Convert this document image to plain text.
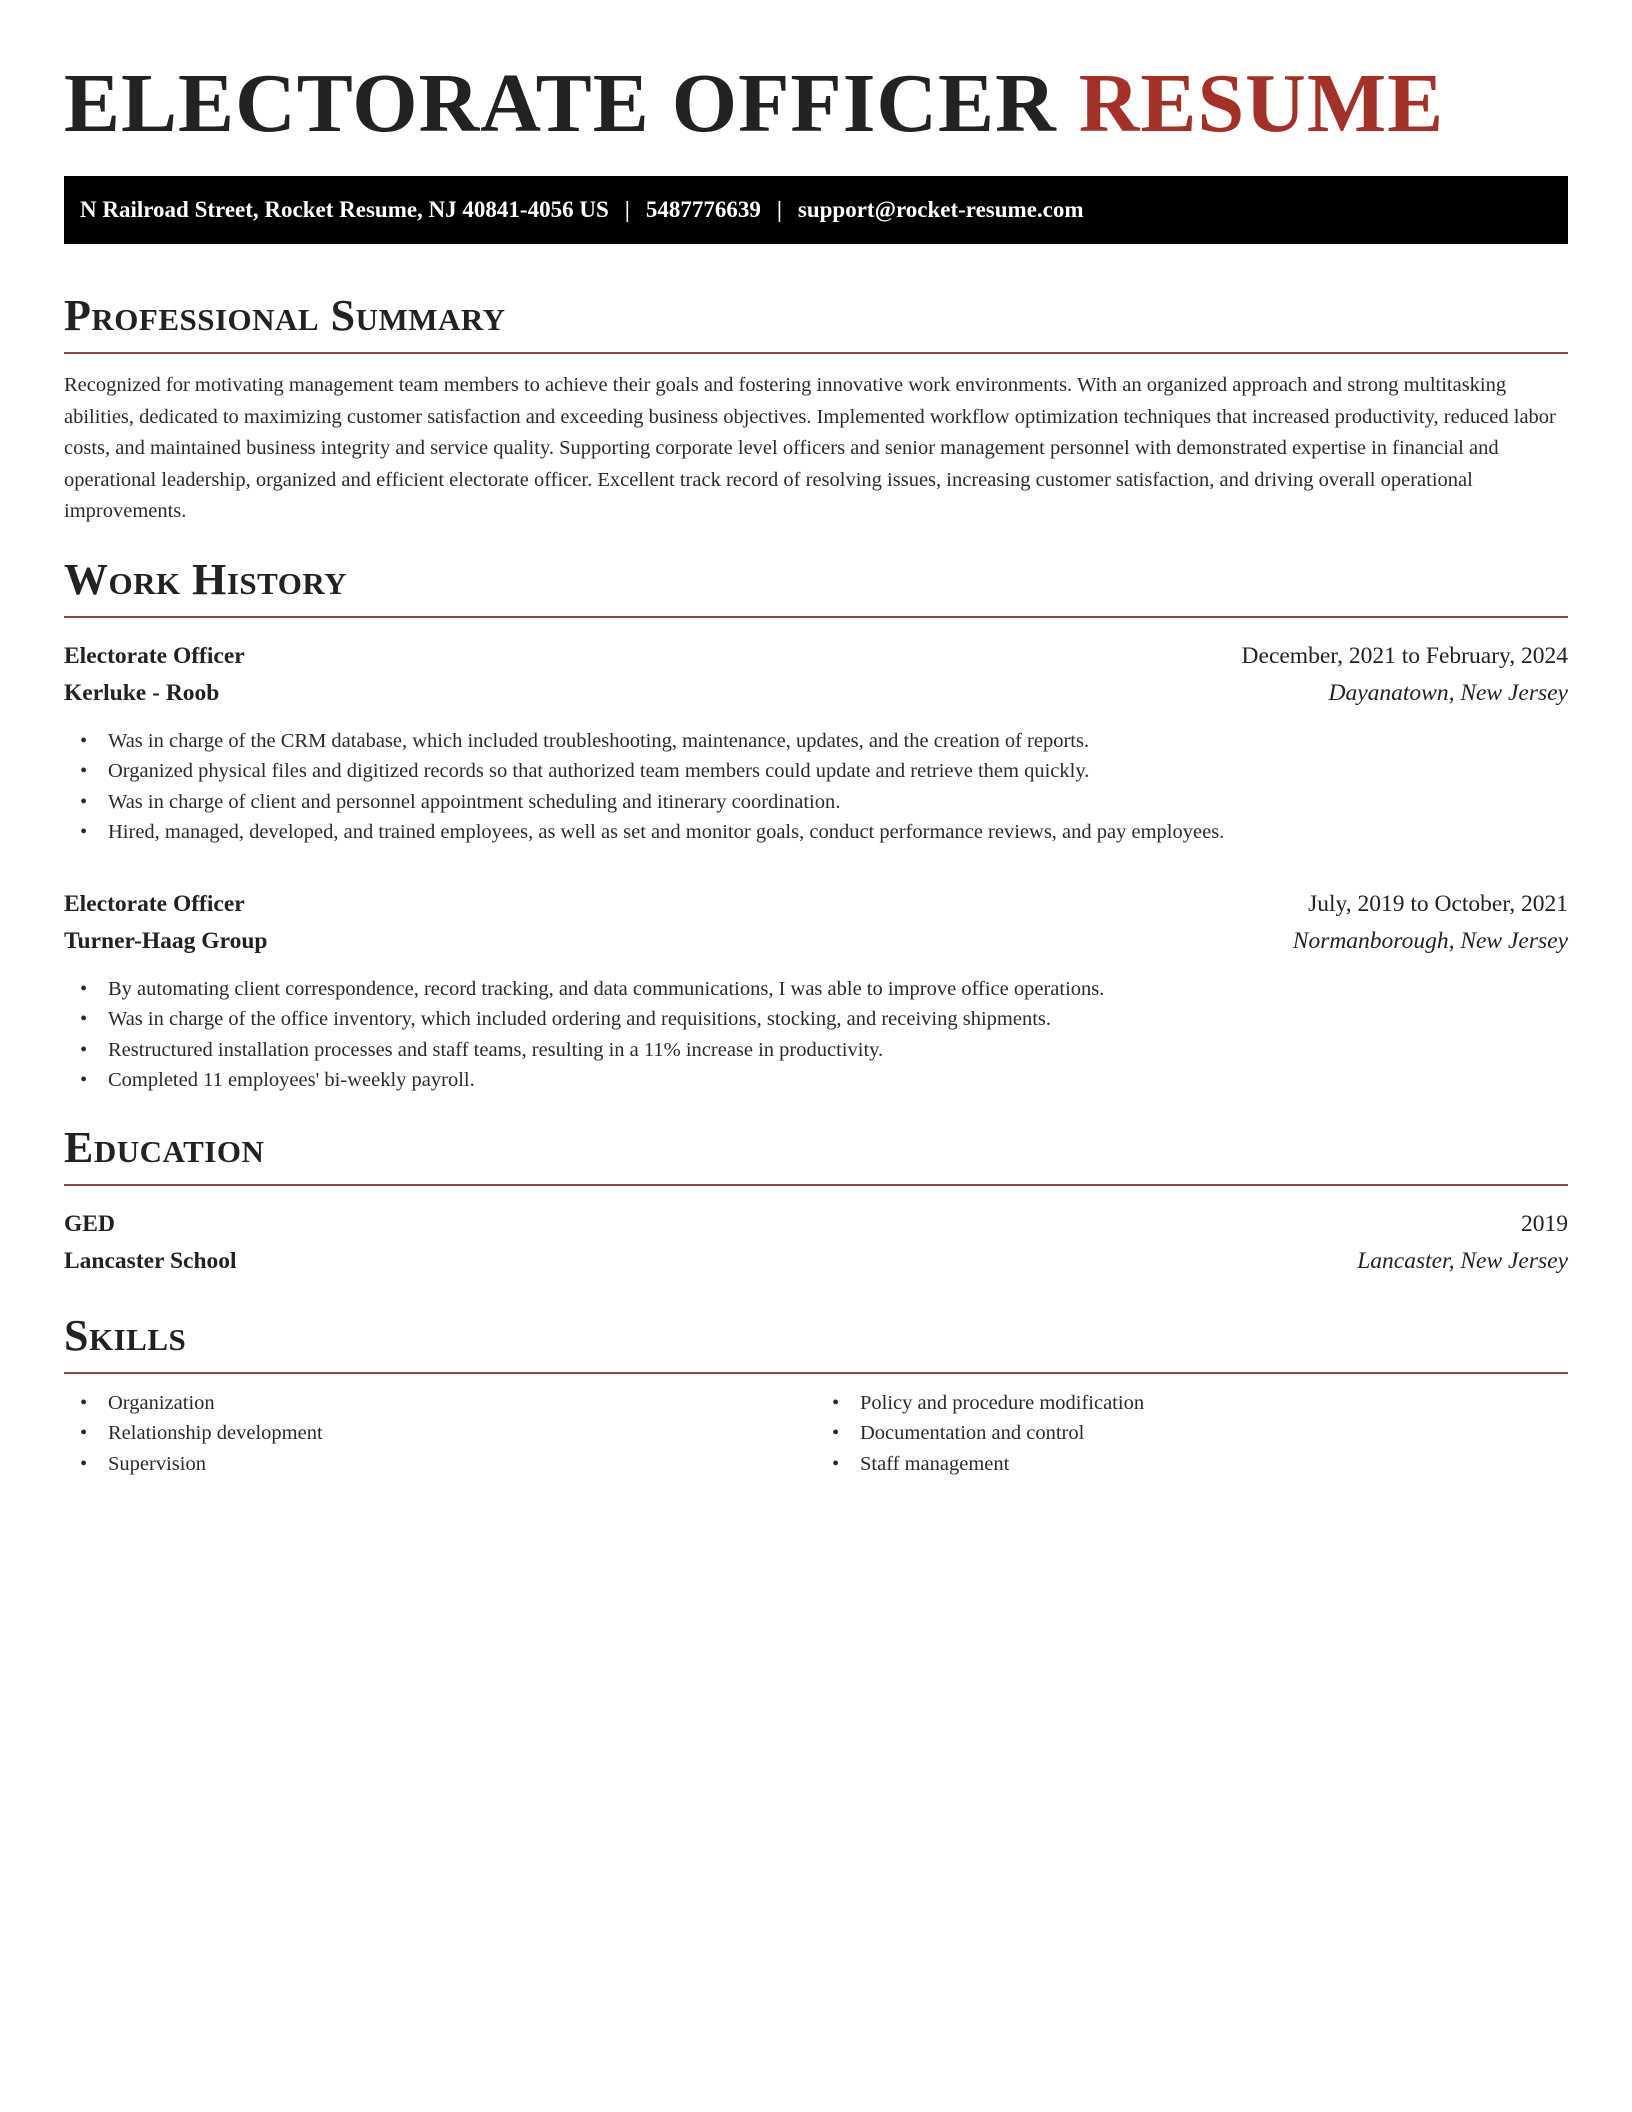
ELECTORATE OFFICER RESUME
N Railroad Street, Rocket Resume, NJ 40841-4056 US | 5487776639 | support@rocket-resume.com
Professional Summary

Recognized for motivating management team members to achieve their goals and fostering innovative work environments. With an organized approach and strong multitasking abilities, dedicated to maximizing customer satisfaction and exceeding business objectives. Implemented workflow optimization techniques that increased productivity, reduced labor costs, and maintained business integrity and service quality. Supporting corporate level officers and senior management personnel with demonstrated expertise in financial and operational leadership, organized and efficient electorate officer. Excellent track record of resolving issues, increasing customer satisfaction, and driving overall operational improvements.

Work History
Electorate Officer	December, 2021 to February, 2024
Kerluke - Roob	Dayanatown, New Jersey
• Was in charge of the CRM database, which included troubleshooting, maintenance, updates, and the creation of reports.
• Organized physical files and digitized records so that authorized team members could update and retrieve them quickly.
• Was in charge of client and personnel appointment scheduling and itinerary coordination.
• Hired, managed, developed, and trained employees, as well as set and monitor goals, conduct performance reviews, and pay employees.
Electorate Officer	July, 2019 to October, 2021
Turner-Haag Group	Normanborough, New Jersey
• By automating client correspondence, record tracking, and data communications, I was able to improve office operations.
• Was in charge of the office inventory, which included ordering and requisitions, stocking, and receiving shipments.
• Restructured installation processes and staff teams, resulting in a 11% increase in productivity.
• Completed 11 employees' bi-weekly payroll.
Education
GED	2019
Lancaster School	Lancaster, New Jersey
Skills
• Organization
• Relationship development
• Supervision
• Policy and procedure modification
• Documentation and control
• Staff management
